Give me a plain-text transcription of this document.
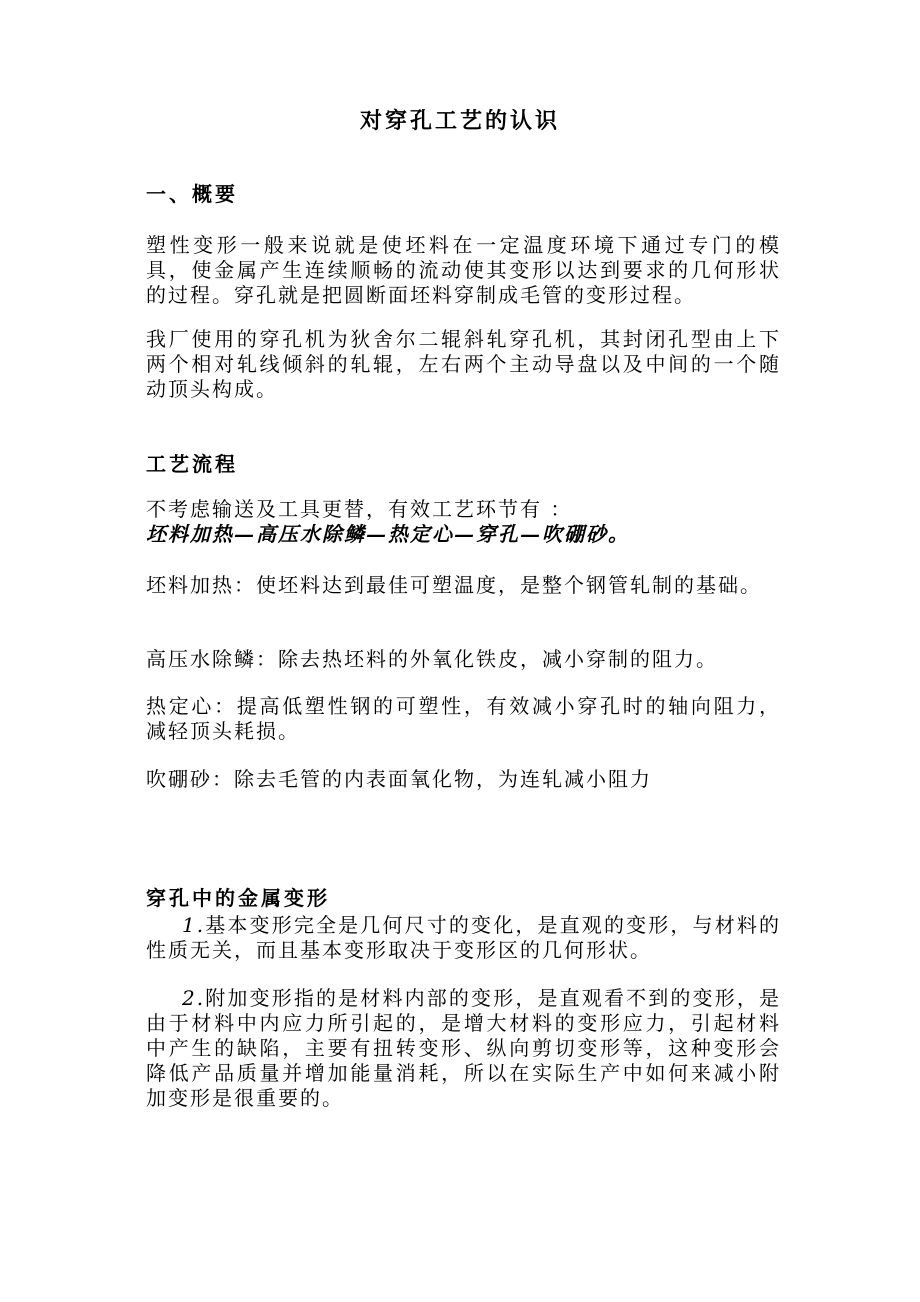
对穿孔工艺的认识
一、概要
塑性变形一般来说就是使坯料在一定温度环境下通过专门的模具，使金属产生连续顺畅的流动使其变形以达到要求的几何形状的过程。穿孔就是把圆断面坯料穿制成毛管的变形过程。
我厂使用的穿孔机为狄舍尔二辊斜轧穿孔机，其封闭孔型由上下两个相对轧线倾斜的轧辊，左右两个主动导盘以及中间的一个随动顶头构成。
工艺流程
不考虑输送及工具更替，有效工艺环节有 ：
坯料加热—高压水除鳞—热定心—穿孔—吹硼砂。
坯料加热：使坯料达到最佳可塑温度，是整个钢管轧制的基础。
高压水除鳞：除去热坯料的外氧化铁皮，减小穿制的阻力。
热定心：提高低塑性钢的可塑性，有效减小穿孔时的轴向阻力，减轻顶头耗损。
吹硼砂：除去毛管的内表面氧化物，为连轧减小阻力
穿孔中的金属变形
1.基本变形完全是几何尺寸的变化，是直观的变形，与材料的性质无关，而且基本变形取决于变形区的几何形状。
2.附加变形指的是材料内部的变形，是直观看不到的变形，是由于材料中内应力所引起的，是增大材料的变形应力，引起材料中产生的缺陷，主要有扭转变形、纵向剪切变形等，这种变形会降低产品质量并增加能量消耗，所以在实际生产中如何来减小附加变形是很重要的。
